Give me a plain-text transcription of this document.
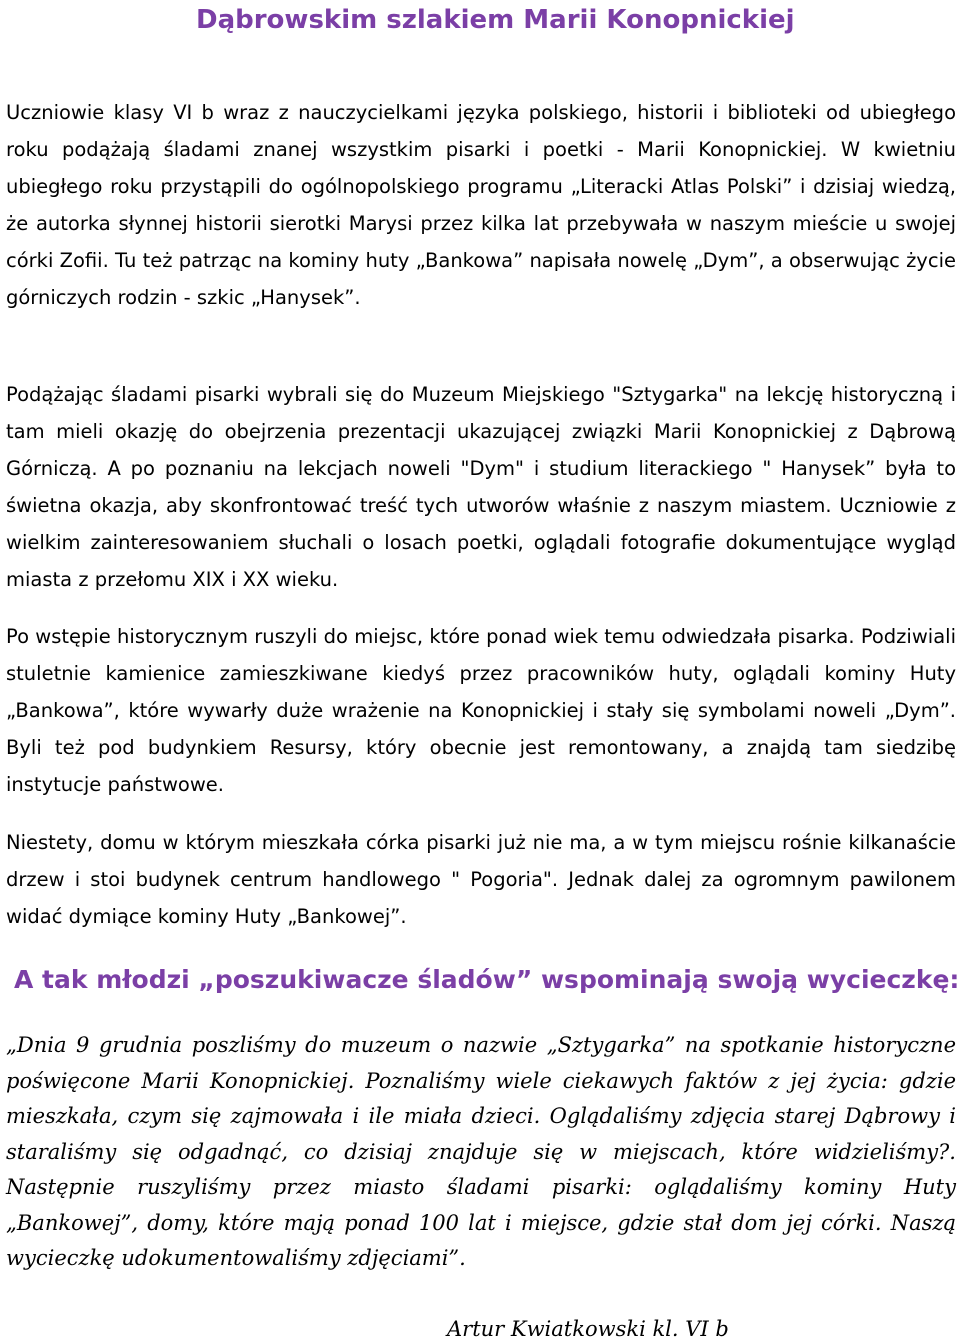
Dąbrowskim szlakiem Marii Konopnickiej
Uczniowie klasy VI b wraz z nauczycielkami języka polskiego, historii i biblioteki od ubiegłego roku podążają śladami znanej wszystkim pisarki i poetki - Marii Konopnickiej. W kwietniu ubiegłego roku przystąpili do ogólnopolskiego programu „Literacki Atlas Polski” i dzisiaj wiedzą, że autorka słynnej historii sierotki Marysi przez kilka lat przebywała w naszym mieście u swojej córki Zofii. Tu też patrząc na kominy huty „Bankowa” napisała nowelę „Dym”, a obserwując życie górniczych rodzin - szkic „Hanysek”.
Podążając śladami pisarki wybrali się do Muzeum Miejskiego "Sztygarka" na lekcję historyczną i tam mieli okazję do obejrzenia prezentacji ukazującej związki Marii Konopnickiej z Dąbrową Górniczą. A po poznaniu na lekcjach noweli "Dym" i studium literackiego " Hanysek” była to świetna okazja, aby skonfrontować treść tych utworów właśnie z naszym miastem. Uczniowie z wielkim zainteresowaniem słuchali o losach poetki, oglądali fotografie dokumentujące wygląd miasta z przełomu XIX i XX wieku.
Po wstępie historycznym ruszyli do miejsc, które ponad wiek temu odwiedzała pisarka. Podziwiali stuletnie kamienice zamieszkiwane kiedyś przez pracowników huty, oglądali kominy Huty „Bankowa”, które wywarły duże wrażenie na Konopnickiej i stały się symbolami noweli „Dym”. Byli też pod budynkiem Resursy, który obecnie jest remontowany, a znajdą tam siedzibę instytucje państwowe.
Niestety, domu w którym mieszkała córka pisarki już nie ma, a w tym miejscu rośnie kilkanaście drzew i stoi budynek centrum handlowego " Pogoria". Jednak dalej za ogromnym pawilonem widać dymiące kominy Huty „Bankowej”.
A tak młodzi „poszukiwacze śladów” wspominają swoją wycieczkę:
„Dnia 9 grudnia poszliśmy do muzeum o nazwie „Sztygarka” na spotkanie historyczne poświęcone Marii Konopnickiej. Poznaliśmy wiele ciekawych faktów z jej życia: gdzie mieszkała, czym się zajmowała i ile miała dzieci. Oglądaliśmy zdjęcia starej Dąbrowy i staraliśmy się odgadnąć, co dzisiaj znajduje się w miejscach, które widzieliśmy?. Następnie ruszyliśmy przez miasto śladami pisarki: oglądaliśmy kominy Huty „Bankowej”, domy, które mają ponad 100 lat i miejsce, gdzie stał dom jej córki. Naszą wycieczkę udokumentowaliśmy zdjęciami”.
Artur Kwiatkowski kl. VI b
